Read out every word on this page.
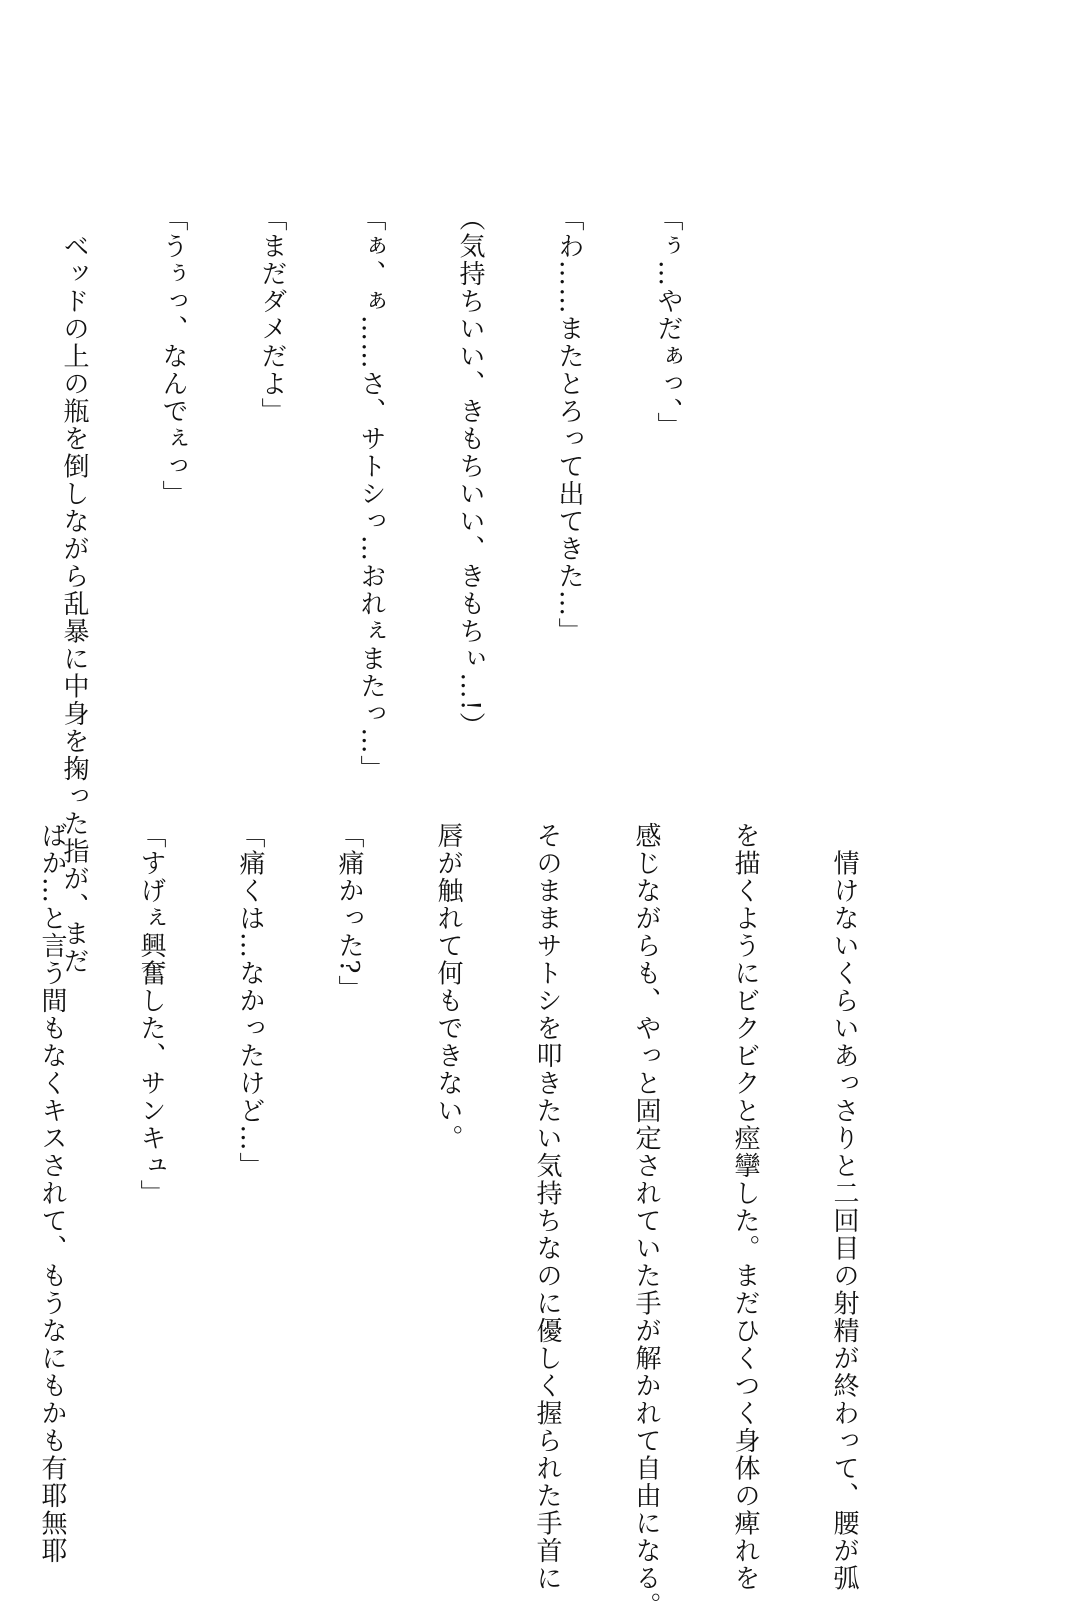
「ぅ…やだぁっ、」

「わ……またとろって出てきた…」

（気持ちいい、きもちいい、きもちぃ…!）

「ぁ、ぁ……さ、サトシっ…おれぇまたっ…」

「まだダメだよ」

「うぅっ、なんでぇっ」

　ベッドの上の瓶を倒しながら乱暴に中身を掬った指が、まだ

　情けないくらいあっさりと二回目の射精が終わって、腰が弧

を描くようにビクビクと痙攣した。まだひくつく身体の痺れを

感じながらも、やっと固定されていた手が解かれて自由になる。

そのままサトシを叩きたい気持ちなのに優しく握られた手首に

唇が触れて何もできない。

「痛かった?」

「痛くは…なかったけど…」

「すげぇ興奮した、サンキュ」

ばか…と言う間もなくキスされて、もうなにもかも有耶無耶
